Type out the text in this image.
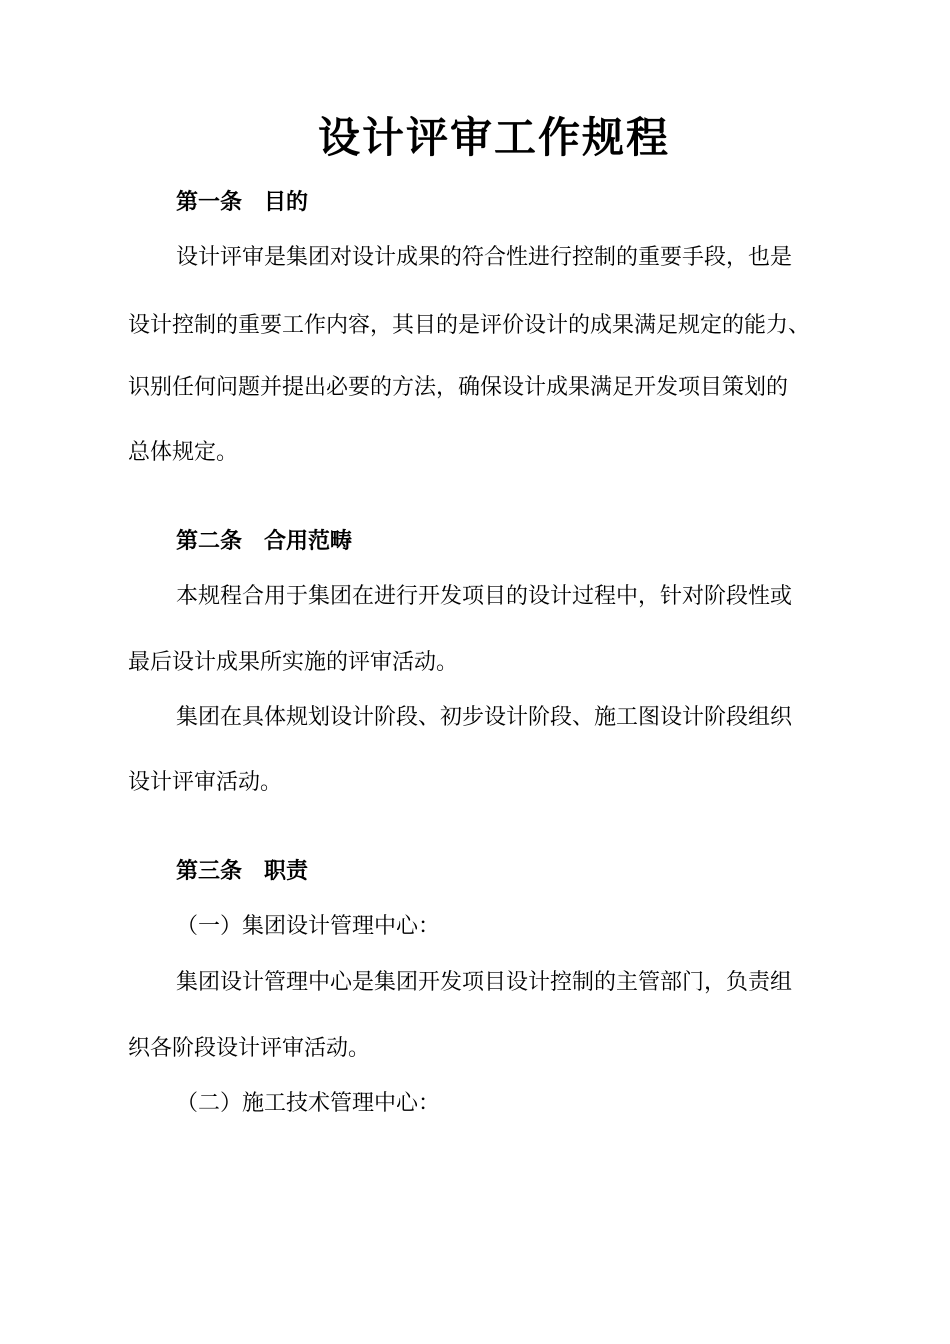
设计评审工作规程
第一条　目的
设计评审是集团对设计成果的符合性进行控制的重要手段，也是
设计控制的重要工作内容，其目的是评价设计的成果满足规定的能力、
识别任何问题并提出必要的方法，确保设计成果满足开发项目策划的
总体规定。
第二条　合用范畴
本规程合用于集团在进行开发项目的设计过程中，针对阶段性或
最后设计成果所实施的评审活动。
集团在具体规划设计阶段、初步设计阶段、施工图设计阶段组织
设计评审活动。
第三条　职责
（一）集团设计管理中心：
集团设计管理中心是集团开发项目设计控制的主管部门，负责组
织各阶段设计评审活动。
（二）施工技术管理中心：
